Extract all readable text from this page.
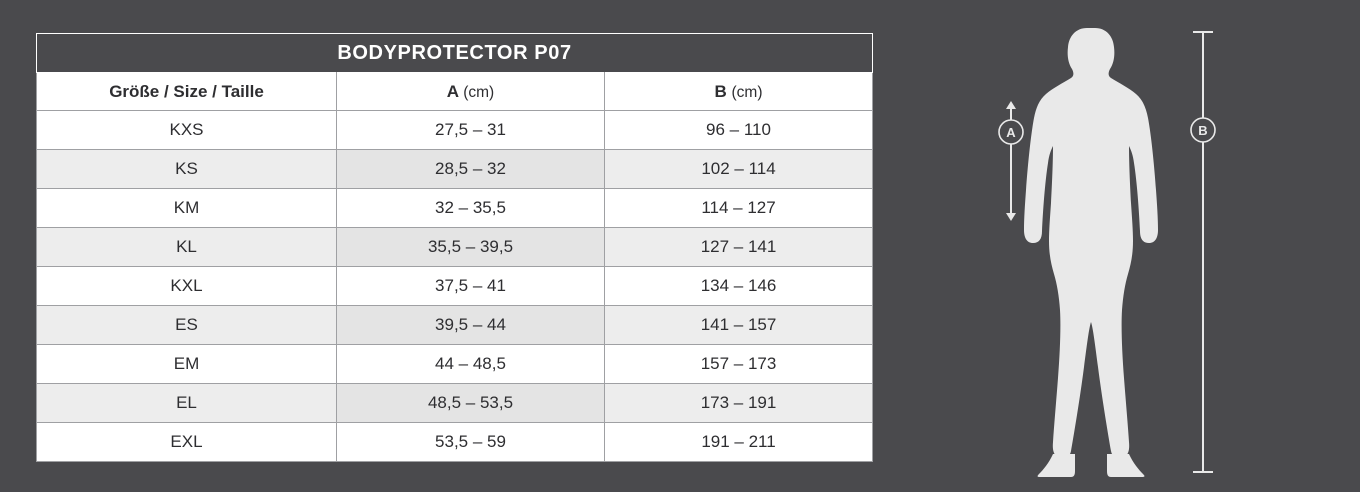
BODYPROTECTOR P07		
Größe / Size / Taille	A (cm)	B (cm)
KXS	27,5 – 31	96 – 110
KS	28,5 – 32	102 – 114
KM	32 – 35,5	114 – 127
KL	35,5 – 39,5	127 – 141
KXL	37,5 – 41	134 – 146
ES	39,5 – 44	141 – 157
EM	44 – 48,5	157 – 173
EL	48,5 – 53,5	173 – 191
EXL	53,5 – 59	191 – 211
A	B
